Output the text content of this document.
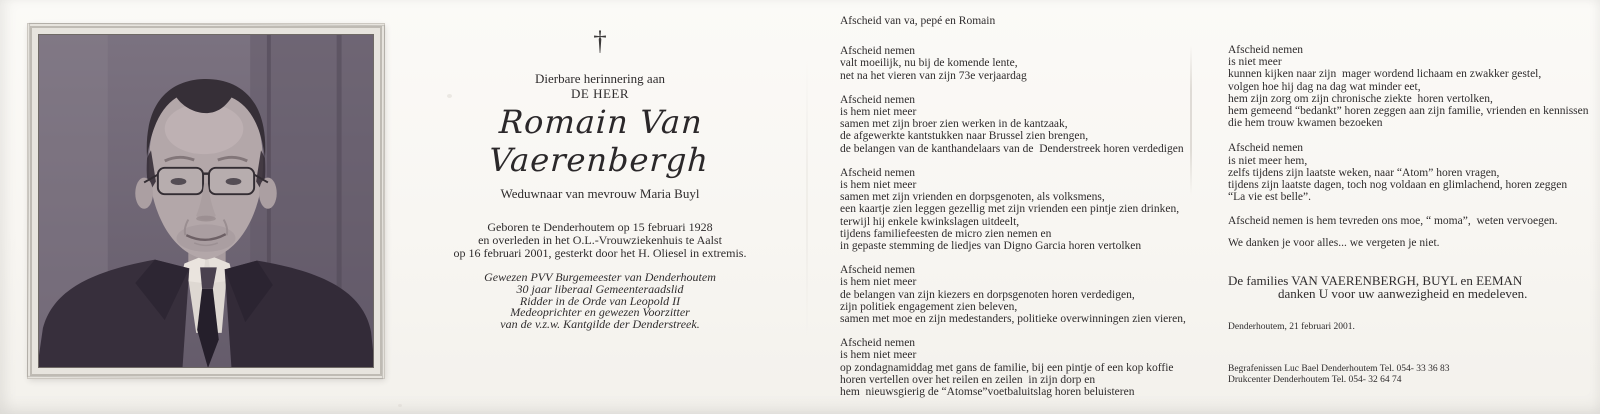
†
Dierbare herinnering aan
DE HEER
Romain Van Vaerenbergh
Weduwnaar van mevrouw Maria Buyl
Geboren te Denderhoutem op 15 februari 1928
en overleden in het O.L.-Vrouwziekenhuis te Aalst
op 16 februari 2001, gesterkt door het H. Oliesel in extremis.
Gewezen PVV Burgemeester van Denderhoutem
30 jaar liberaal Gemeenteraadslid
Ridder in de Orde van Leopold II
Medeoprichter en gewezen Voorzitter
van de v.z.w. Kantgilde der Denderstreek.
Afscheid van va, pepé en Romain
Afscheid nemen
valt moeilijk, nu bij de komende lente,
net na het vieren van zijn 73e verjaardag
Afscheid nemen
is hem niet meer
samen met zijn broer zien werken in de kantzaak,
de afgewerkte kantstukken naar Brussel zien brengen,
de belangen van de kanthandelaars van de  Denderstreek horen verdedigen
Afscheid nemen
is hem niet meer
samen met zijn vrienden en dorpsgenoten, als volksmens,
een kaartje zien leggen gezellig met zijn vrienden een pintje zien drinken,
terwijl hij enkele kwinkslagen uitdeelt,
tijdens familiefeesten de micro zien nemen en
in gepaste stemming de liedjes van Digno Garcia horen vertolken
Afscheid nemen
is hem niet meer
de belangen van zijn kiezers en dorpsgenoten horen verdedigen,
zijn politiek engagement zien beleven,
samen met moe en zijn medestanders, politieke overwinningen zien vieren,
Afscheid nemen
is hem niet meer
op zondagnamiddag met gans de familie, bij een pintje of een kop koffie
horen vertellen over het reilen en zeilen  in zijn dorp en
hem  nieuwsgierig de “Atomse”voetbaluitslag horen beluisteren
Afscheid nemen
is niet meer
kunnen kijken naar zijn  mager wordend lichaam en zwakker gestel,
volgen hoe hij dag na dag wat minder eet,
hem zijn zorg om zijn chronische ziekte  horen vertolken,
hem gemeend “bedankt” horen zeggen aan zijn familie, vrienden en kennissen
die hem trouw kwamen bezoeken
Afscheid nemen
is niet meer hem,
zelfs tijdens zijn laatste weken, naar “Atom” horen vragen,
tijdens zijn laatste dagen, toch nog voldaan en glimlachend, horen zeggen
“La vie est belle”.
Afscheid nemen is hem tevreden ons moe, “ moma”,  weten vervoegen.
We danken je voor alles... we vergeten je niet.
De families VAN VAERENBERGH, BUYL en EEMAN
danken U voor uw aanwezigheid en medeleven.
Denderhoutem, 21 februari 2001.
Begrafenissen Luc Bael Denderhoutem Tel. 054- 33 36 83
Drukcenter Denderhoutem Tel. 054- 32 64 74
